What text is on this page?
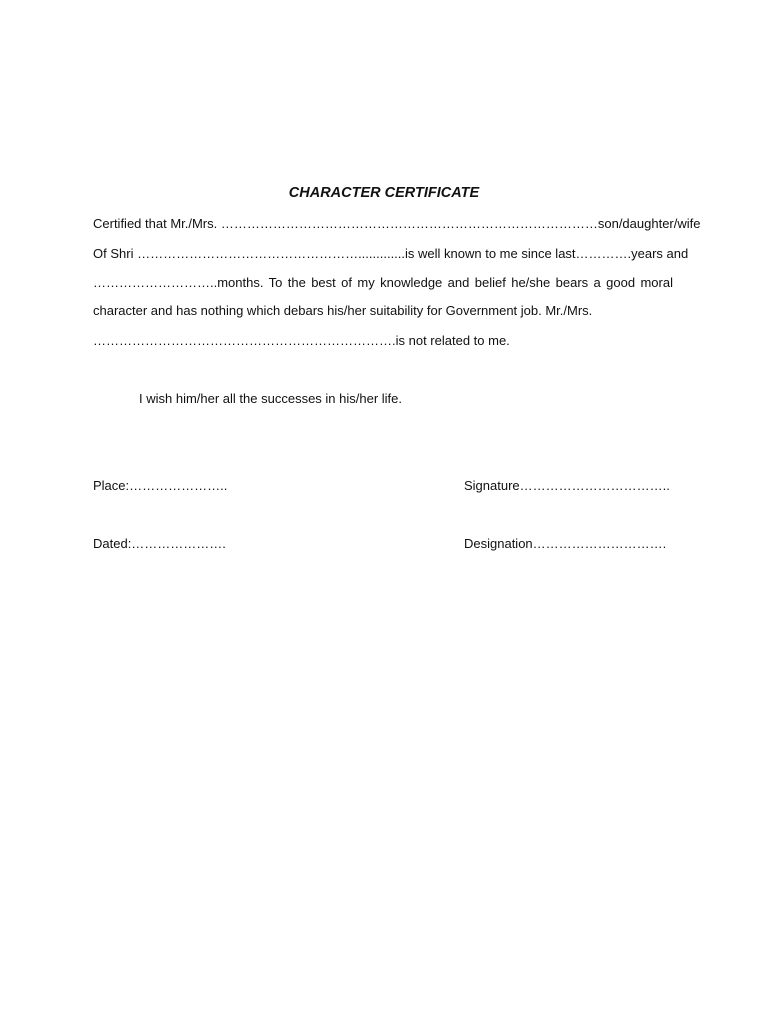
CHARACTER CERTIFICATE

Certified that Mr./Mrs. ……………………………………………………………………………son/daughter/wife

Of Shri …………………………………………….............is well known to me since last………….years and

………………………..months. To the best of my knowledge and belief he/she bears a good moral

character and has nothing which debars his/her suitability for Government job. Mr./Mrs.

…………………………………………………………….is not related to me.

I wish him/her all the successes in his/her life.

Place:…………………..	Signature……………………………..

Dated:………………….	Designation………………………….
